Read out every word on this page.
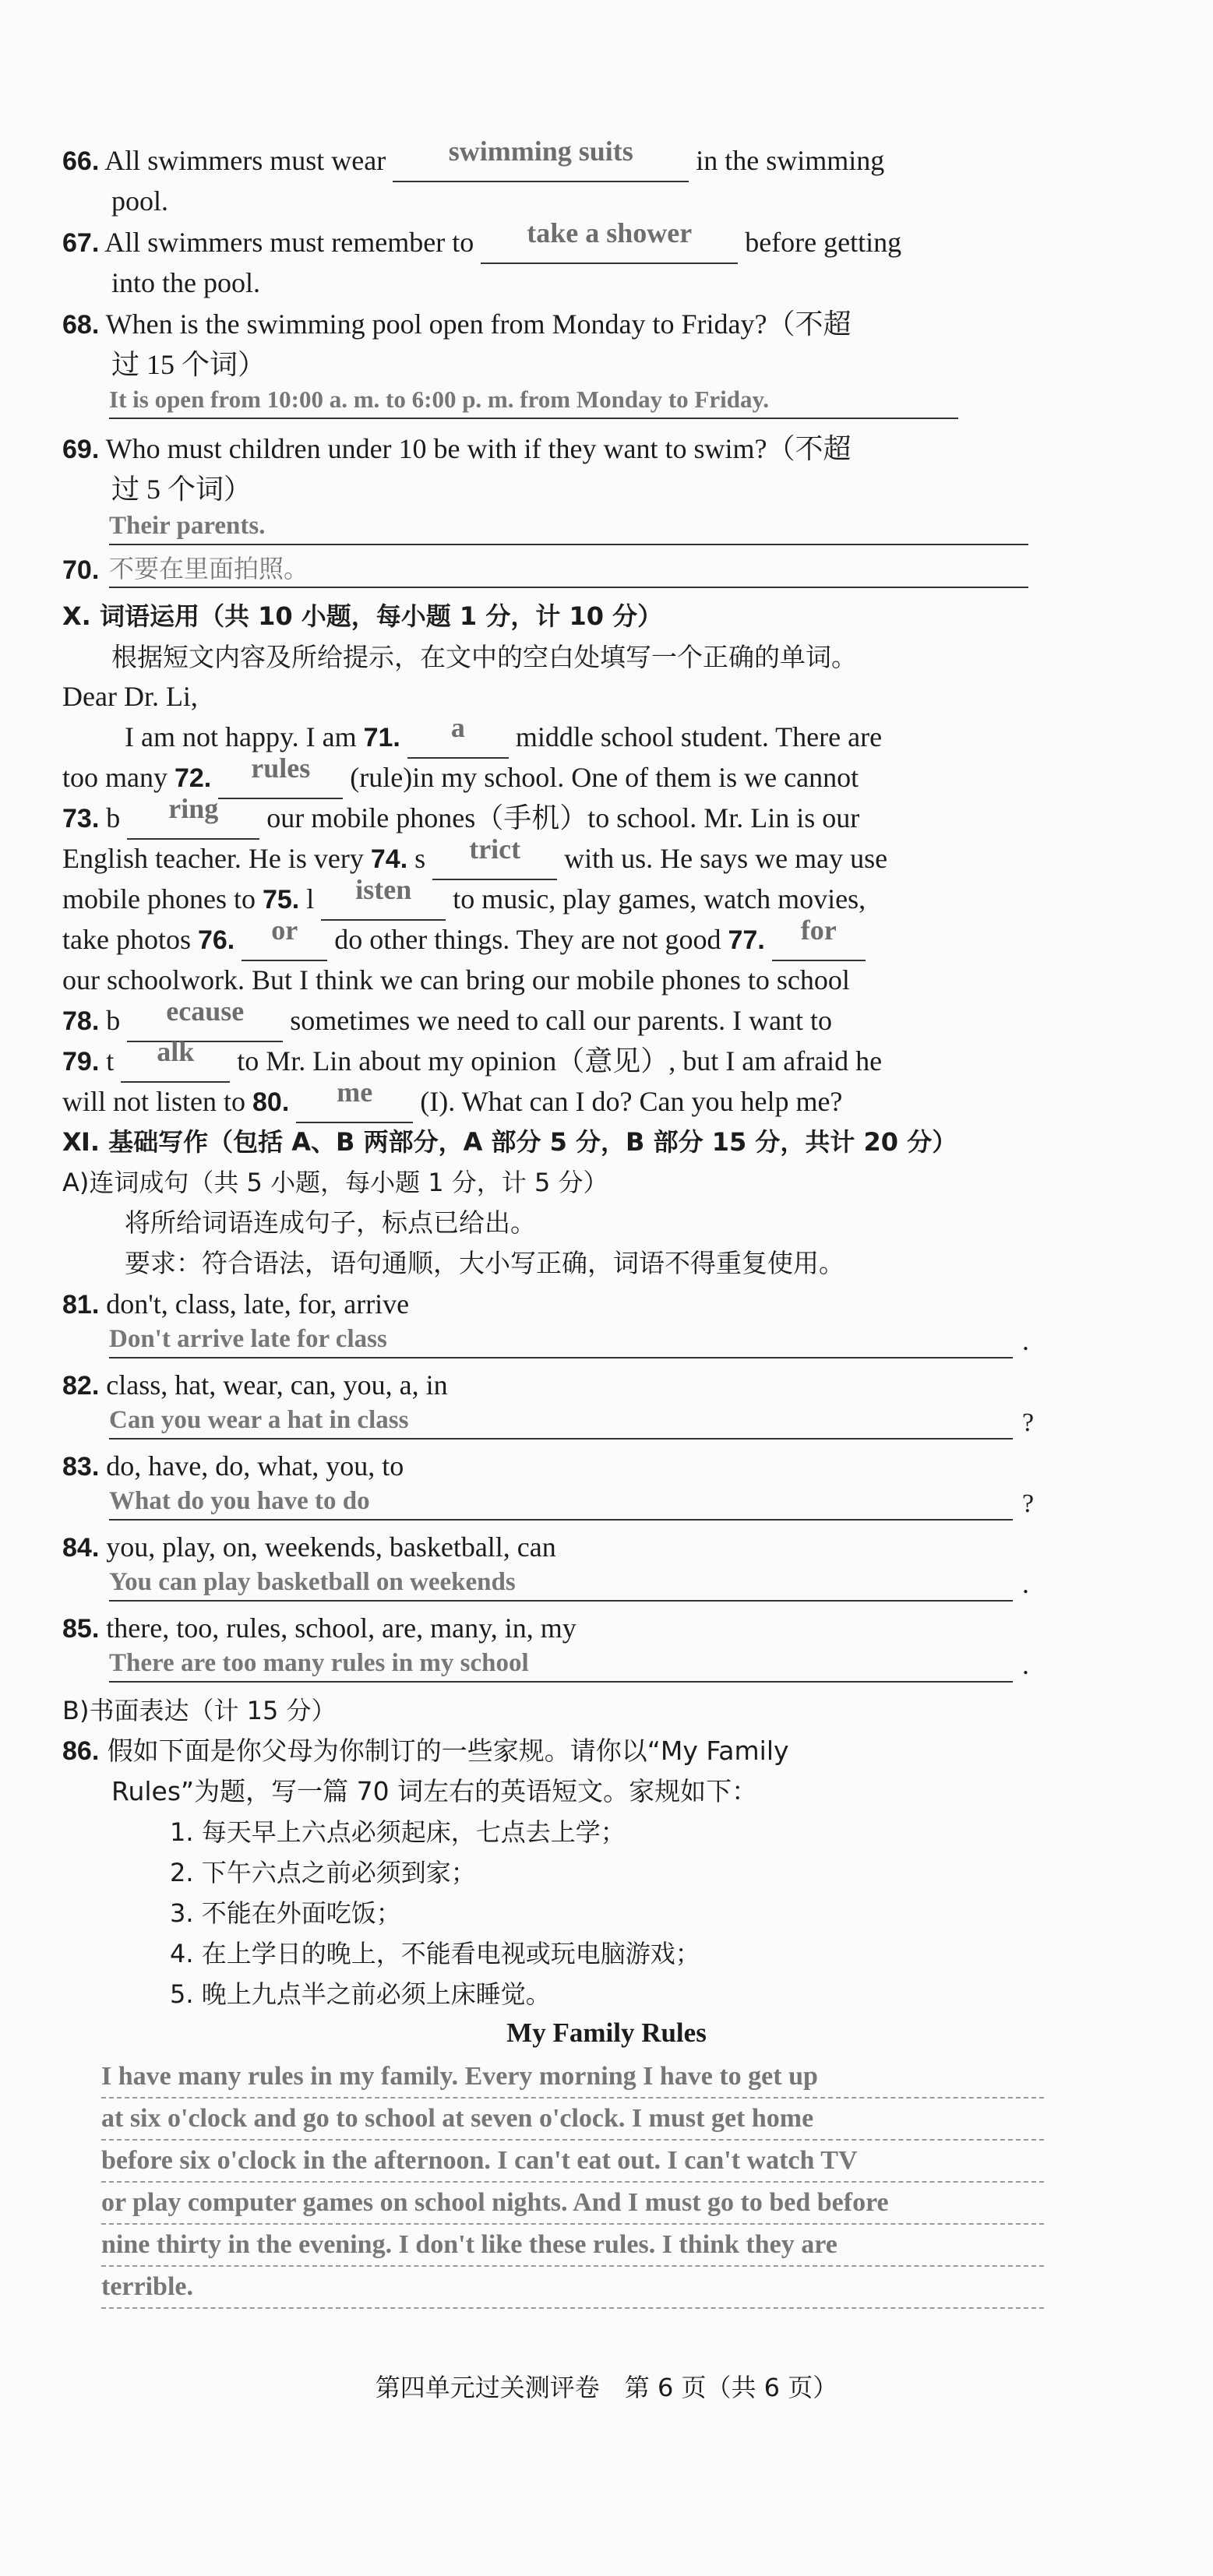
66. All swimmers must wear swimming suits in the swimming
pool.
67. All swimmers must remember to take a shower before getting
into the pool.
68. When is the swimming pool open from Monday to Friday?（不超
过 15 个词）
It is open from 10:00 a. m. to 6:00 p. m. from Monday to Friday.
69. Who must children under 10 be with if they want to swim?（不超
过 5 个词）
Their parents.
70. 不要在里面拍照。
Ⅹ. 词语运用（共 10 小题，每小题 1 分，计 10 分）
根据短文内容及所给提示，在文中的空白处填写一个正确的单词。
Dear Dr. Li,
I am not happy. I am 71. a middle school student. There are
too many 72. rules (rule)in my school. One of them is we cannot
73. b ring our mobile phones（手机）to school. Mr. Lin is our
English teacher. He is very 74. s trict with us. He says we may use
mobile phones to 75. l isten to music, play games, watch movies,
take photos 76. or do other things. They are not good 77. for
our schoolwork. But I think we can bring our mobile phones to school
78. b ecause sometimes we need to call our parents. I want to
79. t alk to Mr. Lin about my opinion（意见）, but I am afraid he
will not listen to 80. me (I). What can I do? Can you help me?
Ⅺ. 基础写作（包括 A、B 两部分，A 部分 5 分，B 部分 15 分，共计 20 分）
A)连词成句（共 5 小题，每小题 1 分，计 5 分）
将所给词语连成句子，标点已给出。
要求：符合语法，语句通顺，大小写正确，词语不得重复使用。
81. don't, class, late, for, arrive
Don't arrive late for class	.
82. class, hat, wear, can, you, a, in
Can you wear a hat in class	?
83. do, have, do, what, you, to
What do you have to do	?
84. you, play, on, weekends, basketball, can
You can play basketball on weekends	.
85. there, too, rules, school, are, many, in, my
There are too many rules in my school	.
B)书面表达（计 15 分）
86. 假如下面是你父母为你制订的一些家规。请你以“My Family
Rules”为题，写一篇 70 词左右的英语短文。家规如下：
1. 每天早上六点必须起床，七点去上学；
2. 下午六点之前必须到家；
3. 不能在外面吃饭；
4. 在上学日的晚上，不能看电视或玩电脑游戏；
5. 晚上九点半之前必须上床睡觉。
My Family Rules
I have many rules in my family. Every morning I have to get up
at six o'clock and go to school at seven o'clock. I must get home
before six o'clock in the afternoon. I can't eat out. I can't watch TV
or play computer games on school nights. And I must go to bed before
nine thirty in the evening. I don't like these rules. I think they are
terrible.
第四单元过关测评卷　第 6 页（共 6 页）
